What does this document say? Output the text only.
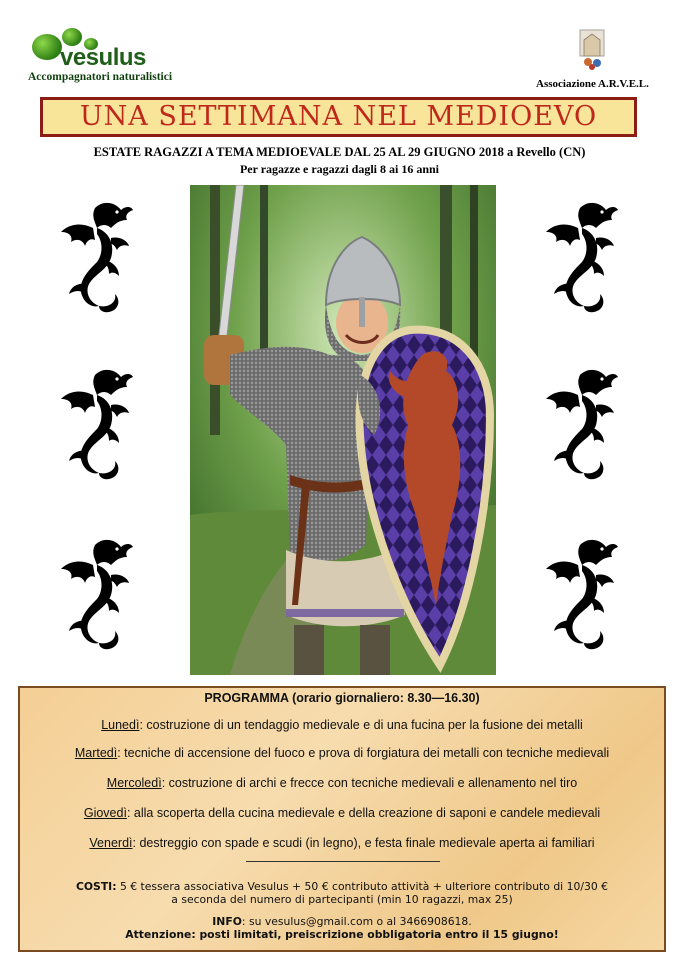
vesulus
Accompagnatori naturalistici
Associazione A.R.V.E.L.
UNA SETTIMANA NEL MEDIOEVO
ESTATE RAGAZZI A TEMA MEDIOEVALE DAL 25 AL 29 GIUGNO 2018 a Revello (CN)
Per ragazze e ragazzi dagli 8 ai 16 anni
PROGRAMMA (orario giornaliero: 8.30—16.30)
Lunedì: costruzione di un tendaggio medievale e di una fucina per la fusione dei metalli
Martedì: tecniche di accensione del fuoco e prova di forgiatura dei metalli con tecniche medievali
Mercoledì: costruzione di archi e frecce con tecniche medievali e allenamento nel tiro
Giovedì: alla scoperta della cucina medievale e della creazione di saponi e candele medievali
Venerdì: destreggio con spade e scudi (in legno), e festa finale medievale aperta ai familiari
COSTI: 5 € tessera associativa Vesulus + 50 € contributo attività + ulteriore contributo di 10/30 €
a seconda del numero di partecipanti (min 10 ragazzi, max 25)
INFO: su vesulus@gmail.com o al 3466908618.
Attenzione: posti limitati, preiscrizione obbligatoria entro il 15 giugno!
